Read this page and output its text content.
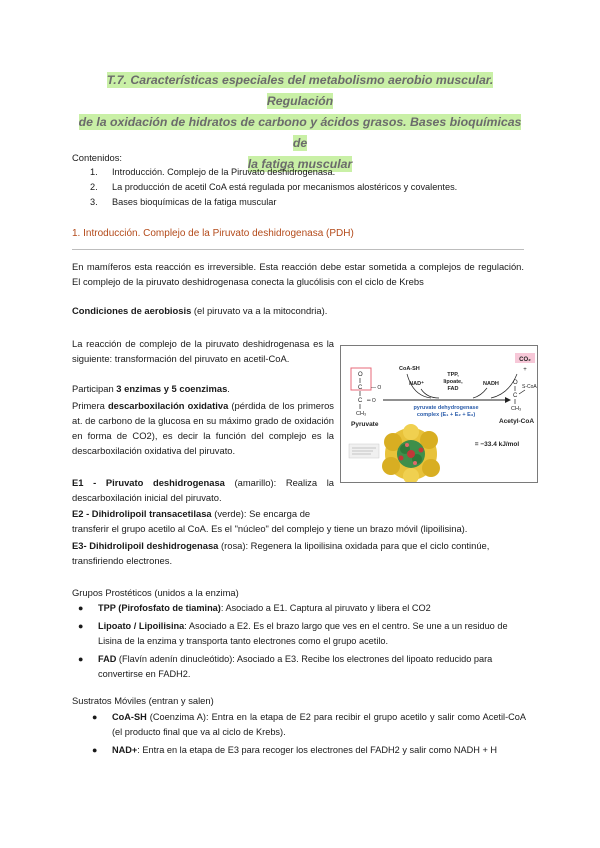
T.7. Características especiales del metabolismo aerobio muscular. Regulación
de la oxidación de hidratos de carbono y ácidos grasos. Bases bioquímicas de
la fatiga muscular
Contenidos:
1. Introducción. Complejo de la Piruvato deshidrogenasa.
2. La producción de acetil CoA está regulada por mecanismos alostéricos y covalentes.
3. Bases bioquímicas de la fatiga muscular
1. Introducción. Complejo de la Piruvato deshidrogenasa (PDH)
En mamíferos esta reacción es irreversible. Esta reacción debe estar sometida a complejos de regulación. El complejo de la piruvato deshidrogenasa conecta la glucólisis con el ciclo de Krebs
Condiciones de aerobiosis (el piruvato va a la mitocondria).
La reacción de complejo de la piruvato deshidrogenasa es la siguiente: transformación del piruvato en acetil-CoA.
Participan 3 enzimas y 5 coenzimas.
Primera descarboxilación oxidativa (pérdida de los primeros at. de carbono de la glucosa en su máximo grado de oxidación en forma de CO2), es decir la función del complejo es la descarboxilación oxidativa del piruvato.
E1 - Piruvato deshidrogenasa (amarillo): Realiza la descarboxilación inicial del piruvato.
E2 - Dihidrolipoil transacetilasa (verde): Se encarga de
transferir el grupo acetilo al CoA. Es el "núcleo" del complejo y tiene un brazo móvil (lipoilisina).
E3- Dihidrolipoil deshidrogenasa (rosa): Regenera la lipoilisina oxidada para que el ciclo continúe, transfiriendo electrones.
CO₂
+
O
C — O
C ═ O
CH₃
Pyruvate
CoA-SH
TPP,
lipoate,
FAD
NAD⁺	NADH
pyruvate dehydrogenase
complex (E₁ + E₂ + E₃)
O
C
S-CoA
CH₃
Acetyl-CoA
= −33.4 kJ/mol
Grupos Prostéticos (unidos a la enzima)
● TPP (Pirofosfato de tiamina): Asociado a E1. Captura al piruvato y libera el CO2
● Lipoato / Lipoilisina: Asociado a E2. Es el brazo largo que ves en el centro. Se une a un residuo de Lisina de la enzima y transporta tanto electrones como el grupo acetilo.
● FAD (Flavín adenín dinucleótido): Asociado a E3. Recibe los electrones del lipoato reducido para convertirse en FADH2.
Sustratos Móviles (entran y salen)
● CoA-SH (Coenzima A): Entra en la etapa de E2 para recibir el grupo acetilo y salir como Acetil-CoA (el producto final que va al ciclo de Krebs).
● NAD+: Entra en la etapa de E3 para recoger los electrones del FADH2 y salir como NADH + H
